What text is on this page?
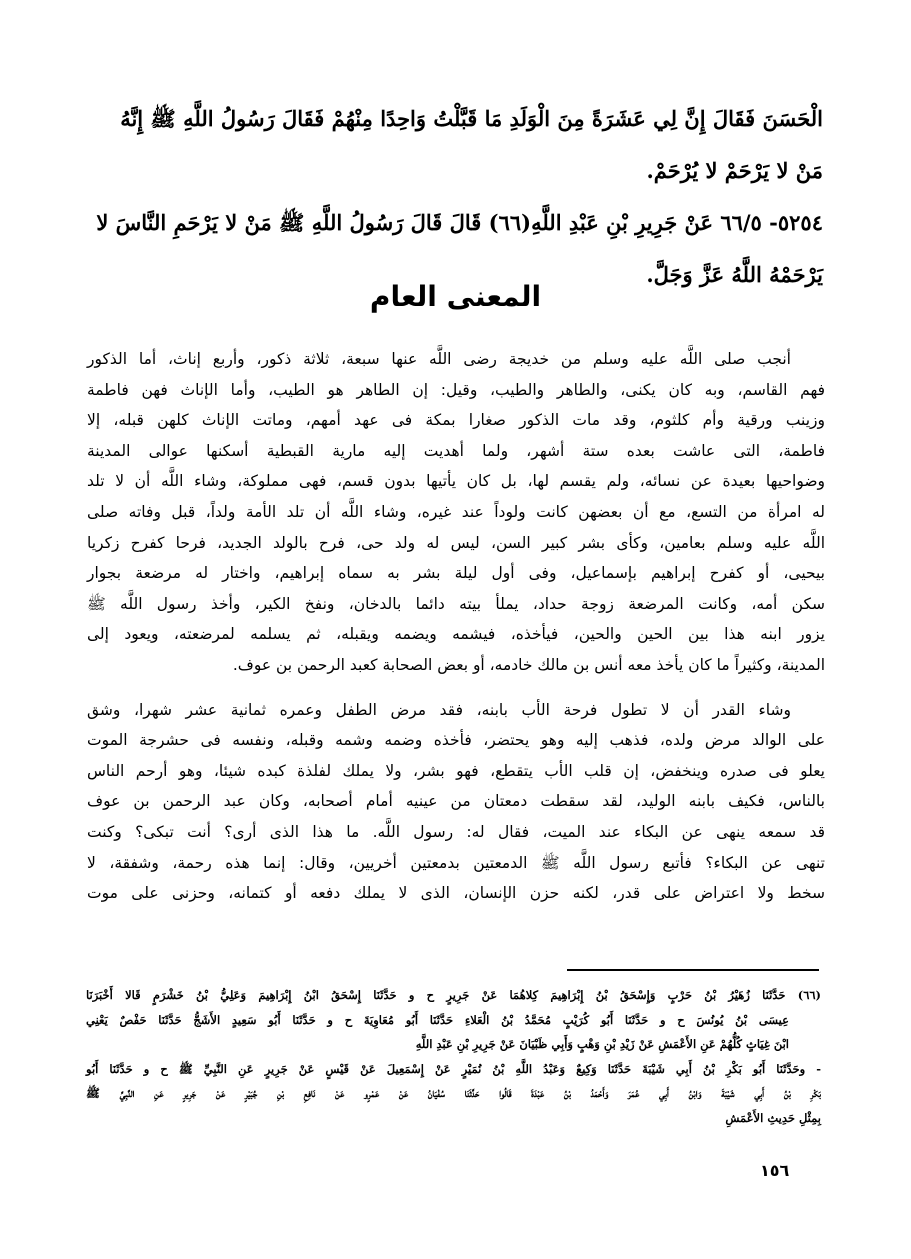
الْحَسَنَ فَقَالَ إِنَّ لِي عَشَرَةً مِنَ الْوَلَدِ مَا قَبَّلْتُ وَاحِدًا مِنْهُمْ فَقَالَ رَسُولُ اللَّهِ ﷺ إِنَّهُ
مَنْ لا يَرْحَمْ لا يُرْحَمْ.
٥٢٥٤- ٦٦/٥ عَنْ جَرِيرِ بْنِ عَبْدِ اللَّهِ(٦٦) قَالَ قَالَ رَسُولُ اللَّهِ ﷺ مَنْ لا يَرْحَمِ النَّاسَ لا
يَرْحَمْهُ اللَّهُ عَزَّ وَجَلَّ.
المعنى العام
أنجب صلى اللَّه عليه وسلم من خديجة رضى اللَّه عنها سبعة، ثلاثة ذكور، وأربع إناث، أما الذكور
فهم القاسم، وبه كان يكنى، والطاهر والطيب، وقيل: إن الطاهر هو الطيب، وأما الإناث فهن فاطمة
وزينب ورقية وأم كلثوم، وقد مات الذكور صغارا بمكة فى عهد أمهم، وماتت الإناث كلهن قبله، إلا
فاطمة، التى عاشت بعده ستة أشهر، ولما أهديت إليه مارية القبطية أسكنها عوالى المدينة
وضواحيها بعيدة عن نسائه، ولم يقسم لها، بل كان يأتيها بدون قسم، فهى مملوكة، وشاء اللَّه أن لا تلد
له امرأة من التسع، مع أن بعضهن كانت ولوداً عند غيره، وشاء اللَّه أن تلد الأمة ولداً، قبل وفاته صلى
اللَّه عليه وسلم بعامين، وكأى بشر كبير السن، ليس له ولد حى، فرح بالولد الجديد، فرحا كفرح زكريا
بيحيى، أو كفرح إبراهيم بإسماعيل، وفى أول ليلة بشر به سماه إبراهيم، واختار له مرضعة بجوار
سكن أمه، وكانت المرضعة زوجة حداد، يملأ بيته دائما بالدخان، ونفخ الكير، وأخذ رسول اللَّه ﷺ
يزور ابنه هذا بين الحين والحين، فيأخذه، فيشمه ويضمه ويقبله، ثم يسلمه لمرضعته، ويعود إلى
المدينة، وكثيراً ما كان يأخذ معه أنس بن مالك خادمه، أو بعض الصحابة كعبد الرحمن بن عوف.
وشاء القدر أن لا تطول فرحة الأب بابنه، فقد مرض الطفل وعمره ثمانية عشر شهرا، وشق
على الوالد مرض ولده، فذهب إليه وهو يحتضر، فأخذه وضمه وشمه وقبله، ونفسه فى حشرجة الموت
يعلو فى صدره وينخفض، إن قلب الأب يتقطع، فهو بشر، ولا يملك لفلذة كبده شيئا، وهو أرحم الناس
بالناس، فكيف بابنه الوليد، لقد سقطت دمعتان من عينيه أمام أصحابه، وكان عبد الرحمن بن عوف
قد سمعه ينهى عن البكاء عند الميت، فقال له: رسول اللَّه. ما هذا الذى أرى؟ أنت تبكى؟ وكنت
تنهى عن البكاء؟ فأتبع رسول اللَّه ﷺ الدمعتين بدمعتين أخريين، وقال: إنما هذه رحمة، وشفقة، لا
سخط ولا اعتراض على قدر، لكنه حزن الإنسان، الذى لا يملك دفعه أو كتمانه، وحزنى على موت
(٦٦) حَدَّثَنَا زُهَيْرُ بْنُ حَرْبٍ وَإِسْحَقُ بْنُ إِبْرَاهِيمَ كِلاهُمَا عَنْ جَرِيرٍ ح و حَدَّثَنَا إِسْحَقُ ابْنُ إِبْرَاهِيمَ وَعَلِيُّ بْنُ خَشْرَمٍ قَالا أَخْبَرَنَا
عِيسَى بْنُ يُونُسَ ح و حَدَّثَنَا أَبُو كُرَيْبٍ مُحَمَّدُ بْنُ الْعَلاءِ حَدَّثَنَا أَبُو مُعَاوِيَةَ ح و حَدَّثَنَا أَبُو سَعِيدٍ الأَشَجُّ حَدَّثَنَا حَفْصٌ يَعْنِي
ابْنَ غِيَاثٍ كُلُّهُمْ عَنِ الأَعْمَشِ عَنْ زَيْدِ بْنِ وَهْبٍ وَأَبِي ظَبْيَانَ عَنْ جَرِيرِ بْنِ عَبْدِ اللَّهِ
- وحَدَّثَنَا أَبُو بَكْرِ بْنُ أَبِي شَيْبَةَ حَدَّثَنَا وَكِيعٌ وَعَبْدُ اللَّهِ بْنُ نُمَيْرٍ عَنْ إِسْمَعِيلَ عَنْ قَيْسٍ عَنْ جَرِيرٍ عَنِ النَّبِيِّ ﷺ ح و حَدَّثَنَا أَبُو
بَكْرِ بْنُ أَبِي شَيْبَةَ وَابْنُ أَبِي عُمَرَ وَأَحْمَدُ بْنُ عَبْدَةَ قَالُوا حَدَّثَنَا سُفْيَانُ عَنْ عَمْرٍو عَنْ نَافِعِ بْنِ جُبَيْرٍ عَنْ جَرِيرٍ عَنِ النَّبِيِّ ﷺ
بِمِثْلِ حَدِيثِ الأَعْمَشِ
١٥٦
